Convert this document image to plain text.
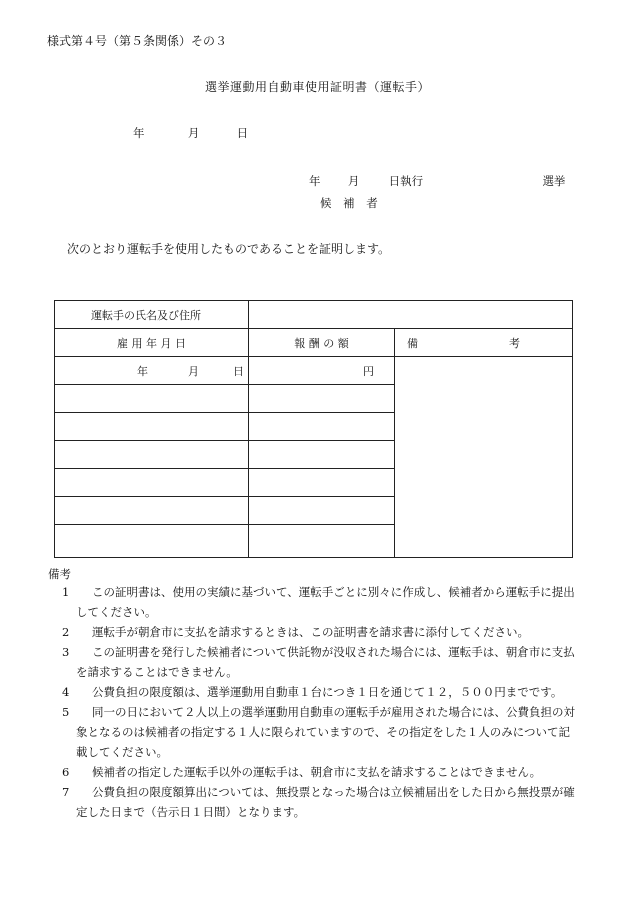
様式第４号（第５条関係）その３
選挙運動用自動車使用証明書（運転手）
年	月	日
年 月	日執行	選挙
候 補 者
次のとおり運転手を使用したものであることを証明します。
運転手の氏名及び住所		
雇 用 年 月 日	報 酬 の 額	備　考
年 月 日	円	

備考

1 この証明書は、使用の実績に基づいて、運転手ごとに別々に作成し、候補者から運転手に提出してください。

2 運転手が朝倉市に支払を請求するときは、この証明書を請求書に添付してください。

3 この証明書を発行した候補者について供託物が没収された場合には、運転手は、朝倉市に支払を請求することはできません。

4 公費負担の限度額は、選挙運動用自動車１台につき１日を通じて１２，５００円までです。

5 同一の日において２人以上の選挙運動用自動車の運転手が雇用された場合には、公費負担の対象となるのは候補者の指定する１人に限られていますので、その指定をした１人のみについて記載してください。

6 候補者の指定した運転手以外の運転手は、朝倉市に支払を請求することはできません。

7 公費負担の限度額算出については、無投票となった場合は立候補届出をした日から無投票が確定した日まで（告示日１日間）となります。
